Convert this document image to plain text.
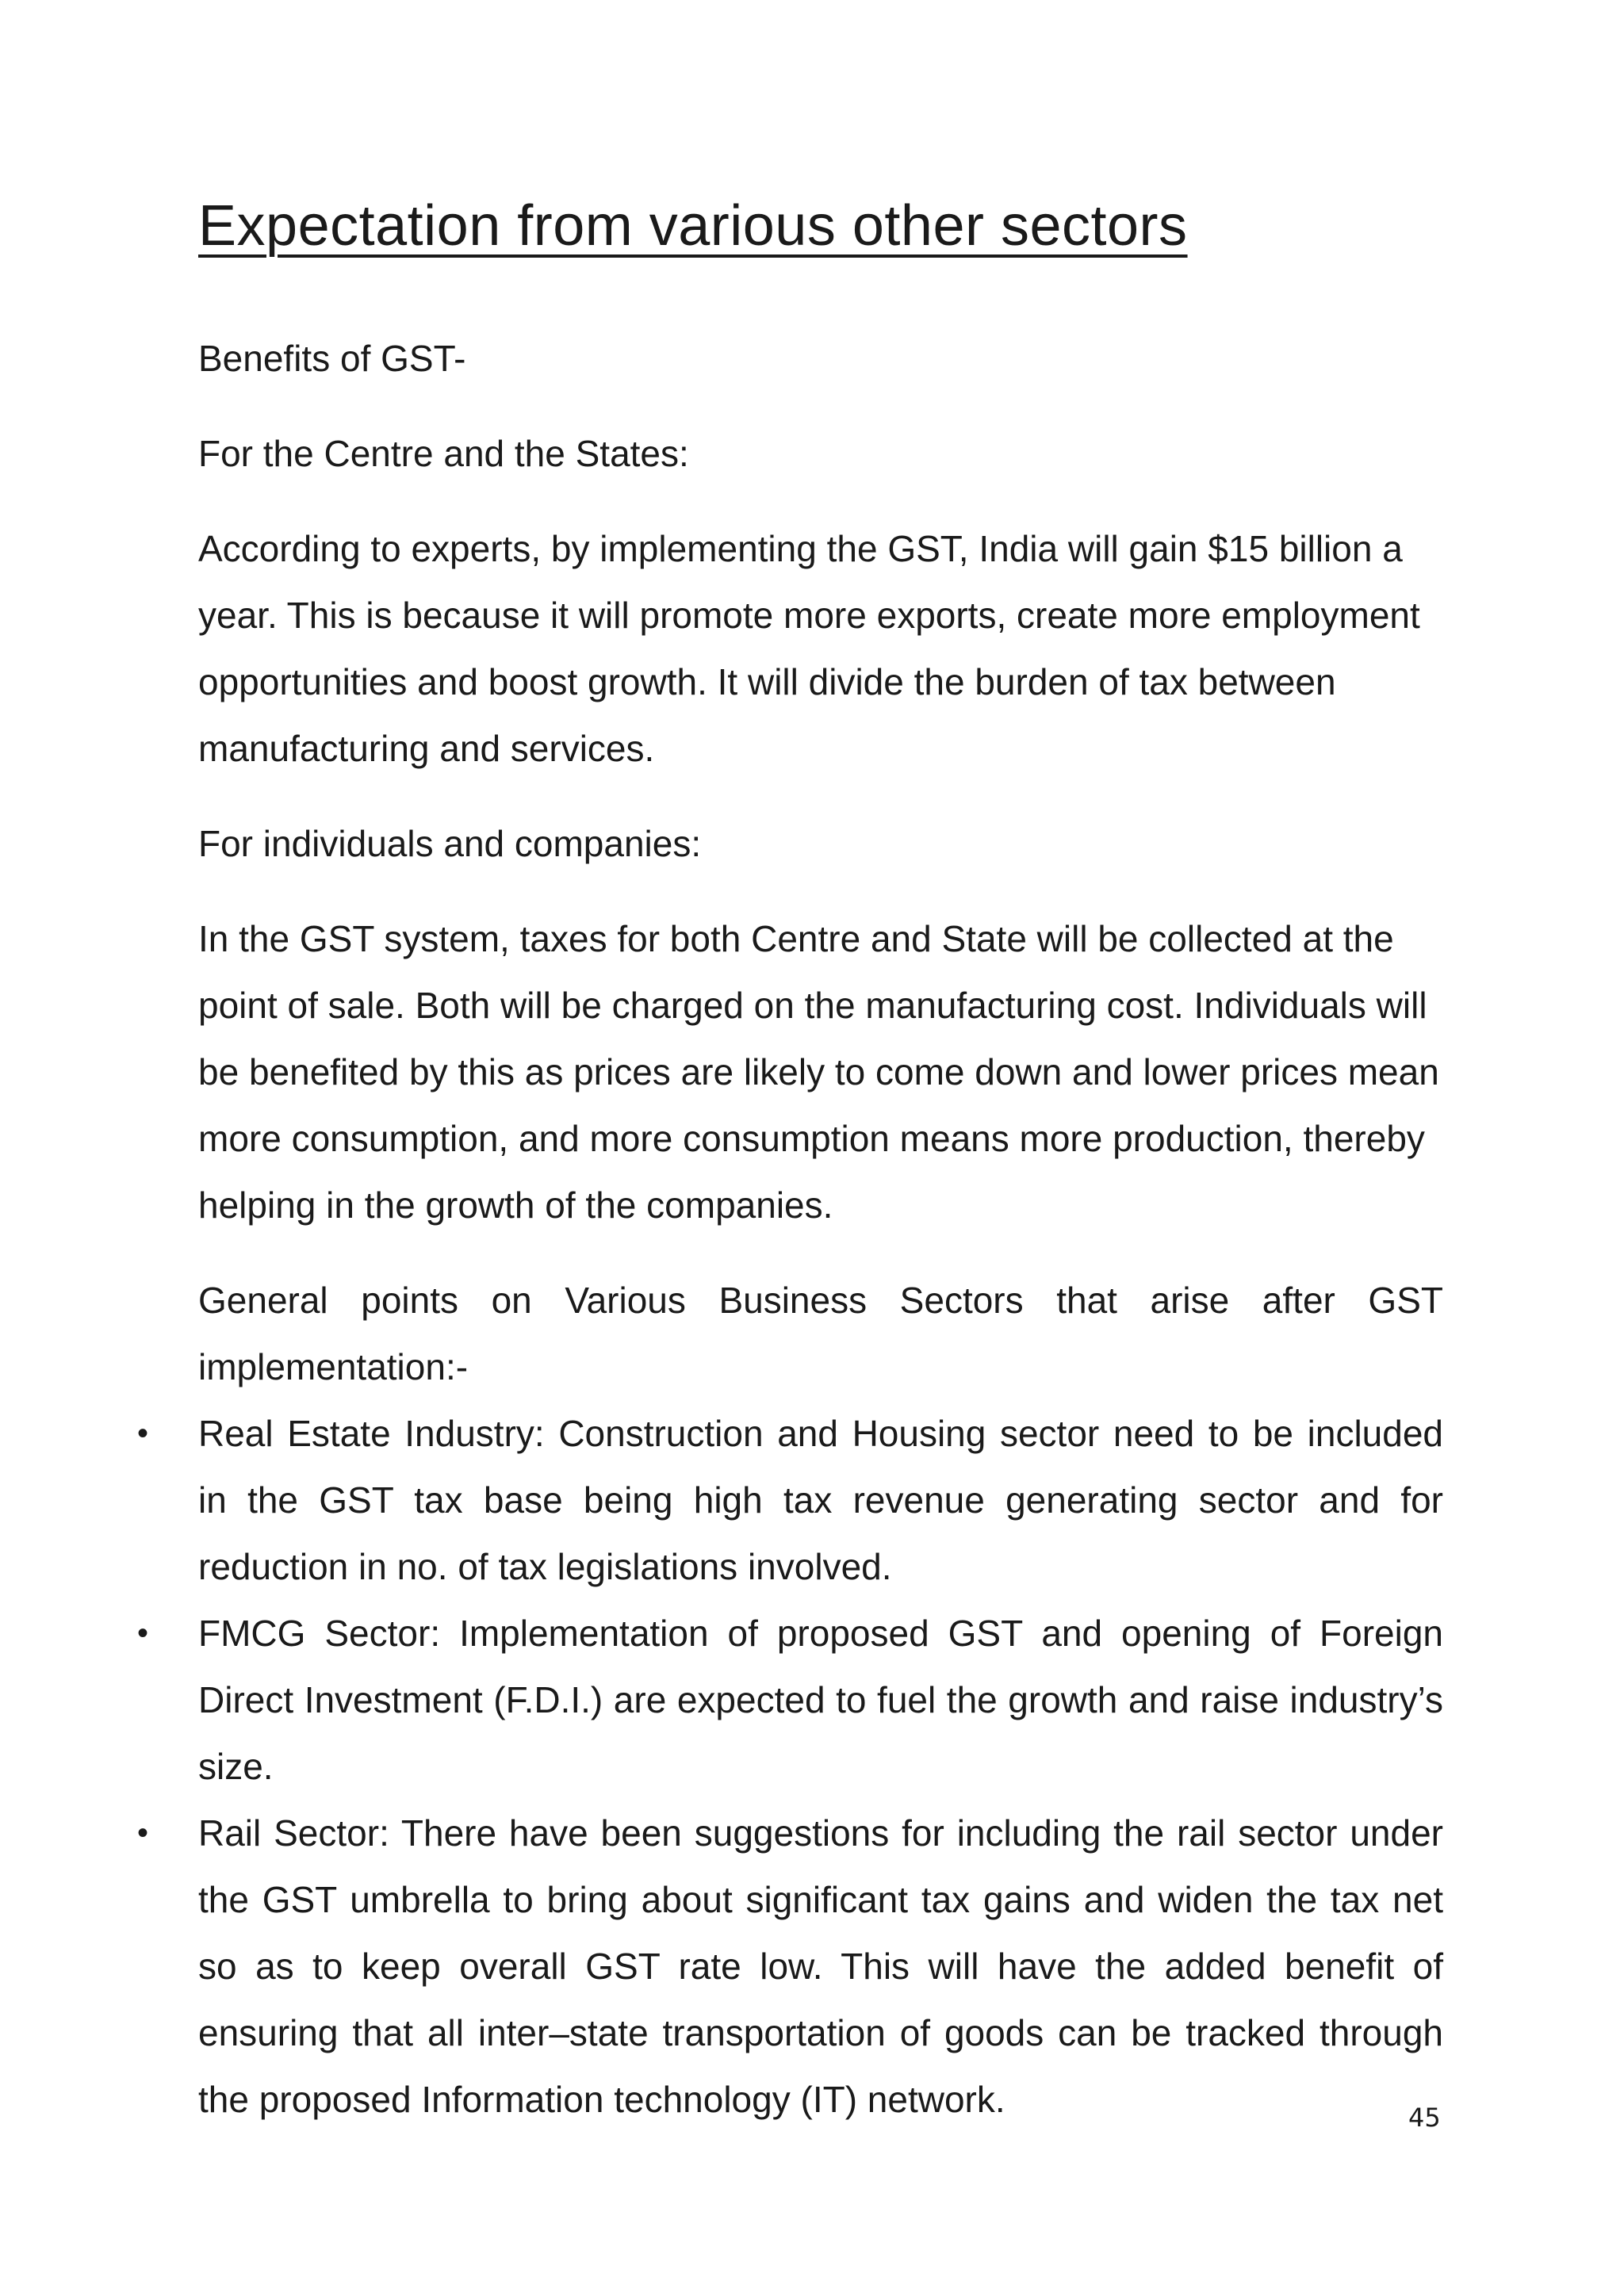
Expectation from various other sectors

Benefits of GST-

For the Centre and the States:

According to experts, by implementing the GST, India will gain $15 billion a year. This is because it will promote more exports, create more employment opportunities and boost growth. It will divide the burden of tax between manufacturing and services.

For individuals and companies:

In the GST system, taxes for both Centre and State will be collected at the point of sale. Both will be charged on the manufacturing cost. Individuals will be benefited by this as prices are likely to come down and lower prices mean more consumption, and more consumption means more production, thereby helping in the growth of the companies.

General points on Various Business Sectors that arise after GST implementation:-

• Real Estate Industry: Construction and Housing sector need to be included in the GST tax base being high tax revenue generating sector and for reduction in no. of tax legislations involved.
• FMCG Sector: Implementation of proposed GST and opening of Foreign Direct Investment (F.D.I.) are expected to fuel the growth and raise industry’s size.
• Rail Sector: There have been suggestions for including the rail sector under the GST umbrella to bring about significant tax gains and widen the tax net so as to keep overall GST rate low. This will have the added benefit of ensuring that all inter–state transportation of goods can be tracked through the proposed Information technology (IT) network.	45
